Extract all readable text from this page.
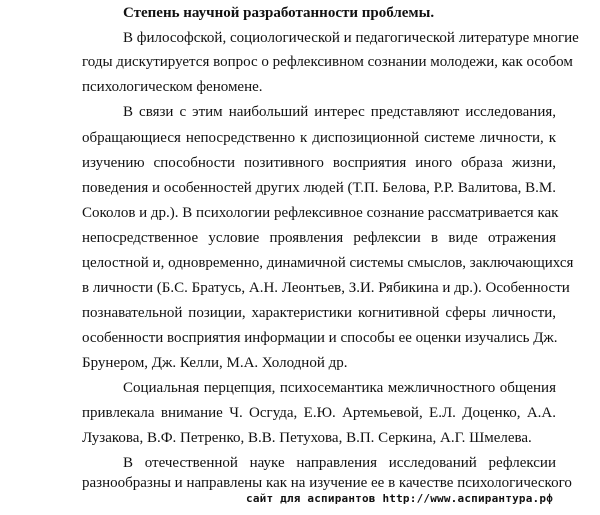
Степень научной разработанности проблемы.
В философской, социологической и педагогической литературе многие
годы дискутируется вопрос о рефлексивном сознании молодежи, как особом
психологическом феномене.
В связи с этим наибольший интерес представляют исследования,
обращающиеся непосредственно к диспозиционной системе личности, к
изучению способности позитивного восприятия иного образа жизни,
поведения и особенностей других людей (Т.П. Белова, Р.Р. Валитова, В.М.
Соколов и др.). В психологии рефлексивное сознание рассматривается как
непосредственное условие проявления рефлексии в виде отражения
целостной и, одновременно, динамичной системы смыслов, заключающихся
в личности (Б.С. Братусь, А.Н. Леонтьев, З.И. Рябикина и др.). Особенности
познавательной позиции, характеристики когнитивной сферы личности,
особенности восприятия информации и способы ее оценки изучались Дж.
Брунером, Дж. Келли, М.А. Холодной др.
Социальная перцепция, психосемантика межличностного общения
привлекала внимание Ч. Осгуда, Е.Ю. Артемьевой, Е.Л. Доценко, А.А.
Лузакова, В.Ф. Петренко, В.В. Петухова, В.П. Серкина, А.Г. Шмелева.
В отечественной науке направления исследований рефлексии
разнообразны и направлены как на изучение ее в качестве психологического
сайт для аспирантов http://www.аспирантура.рф
